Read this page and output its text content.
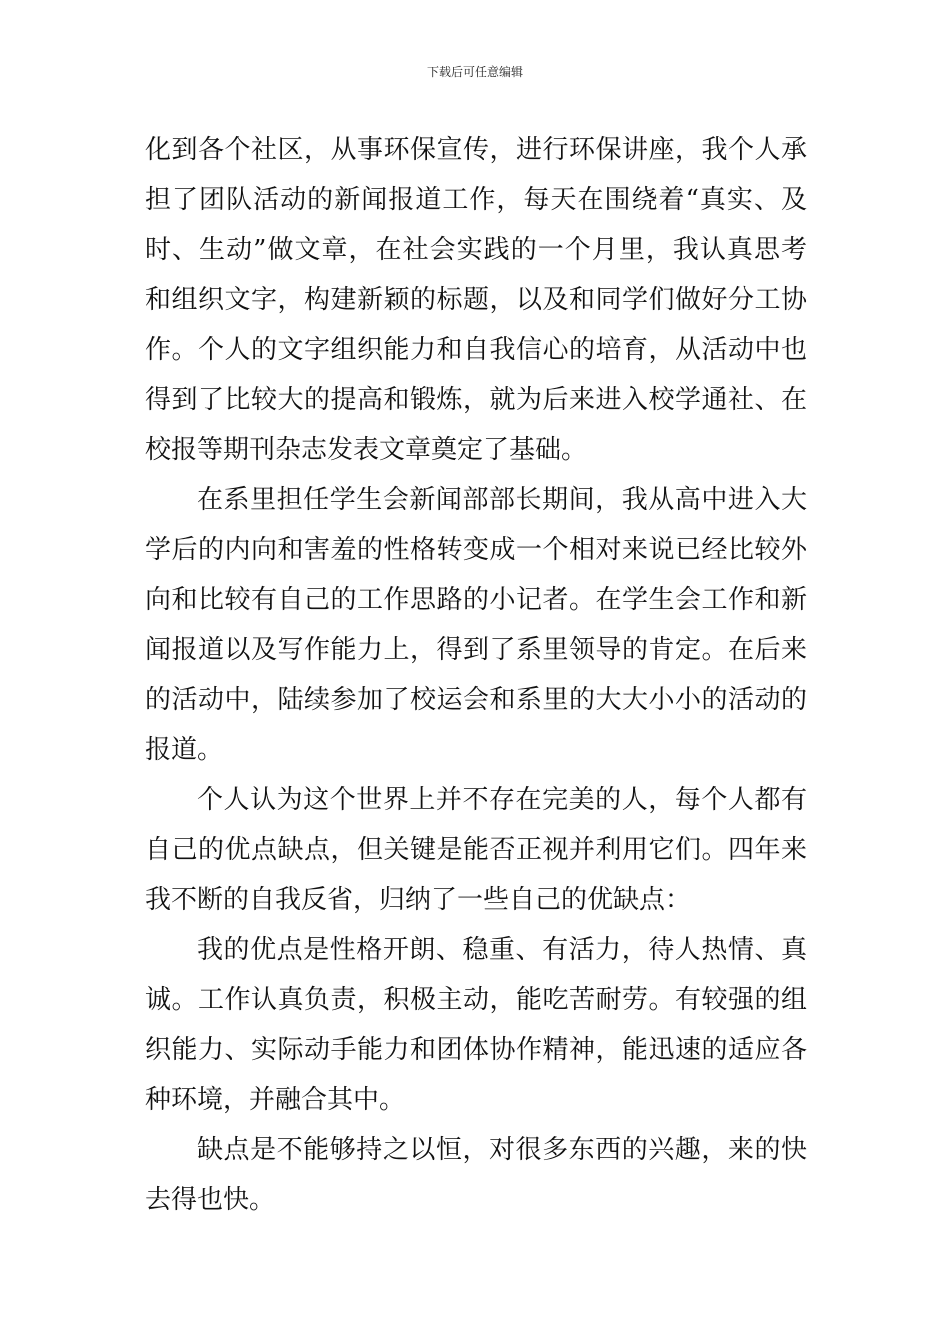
下载后可任意编辑

化到各个社区，从事环保宣传，进行环保讲座，我个人承担了团队活动的新闻报道工作，每天在围绕着“真实、及时、生动”做文章，在社会实践的一个月里，我认真思考和组织文字，构建新颖的标题，以及和同学们做好分工协作。个人的文字组织能力和自我信心的培育，从活动中也得到了比较大的提高和锻炼，就为后来进入校学通社、在校报等期刊杂志发表文章奠定了基础。

在系里担任学生会新闻部部长期间，我从高中进入大学后的内向和害羞的性格转变成一个相对来说已经比较外向和比较有自己的工作思路的小记者。在学生会工作和新闻报道以及写作能力上，得到了系里领导的肯定。在后来的活动中，陆续参加了校运会和系里的大大小小的活动的报道。

个人认为这个世界上并不存在完美的人，每个人都有自己的优点缺点，但关键是能否正视并利用它们。四年来我不断的自我反省，归纳了一些自己的优缺点：

我的优点是性格开朗、稳重、有活力，待人热情、真诚。工作认真负责，积极主动，能吃苦耐劳。有较强的组织能力、实际动手能力和团体协作精神，能迅速的适应各种环境，并融合其中。

缺点是不能够持之以恒，对很多东西的兴趣，来的快去得也快。
